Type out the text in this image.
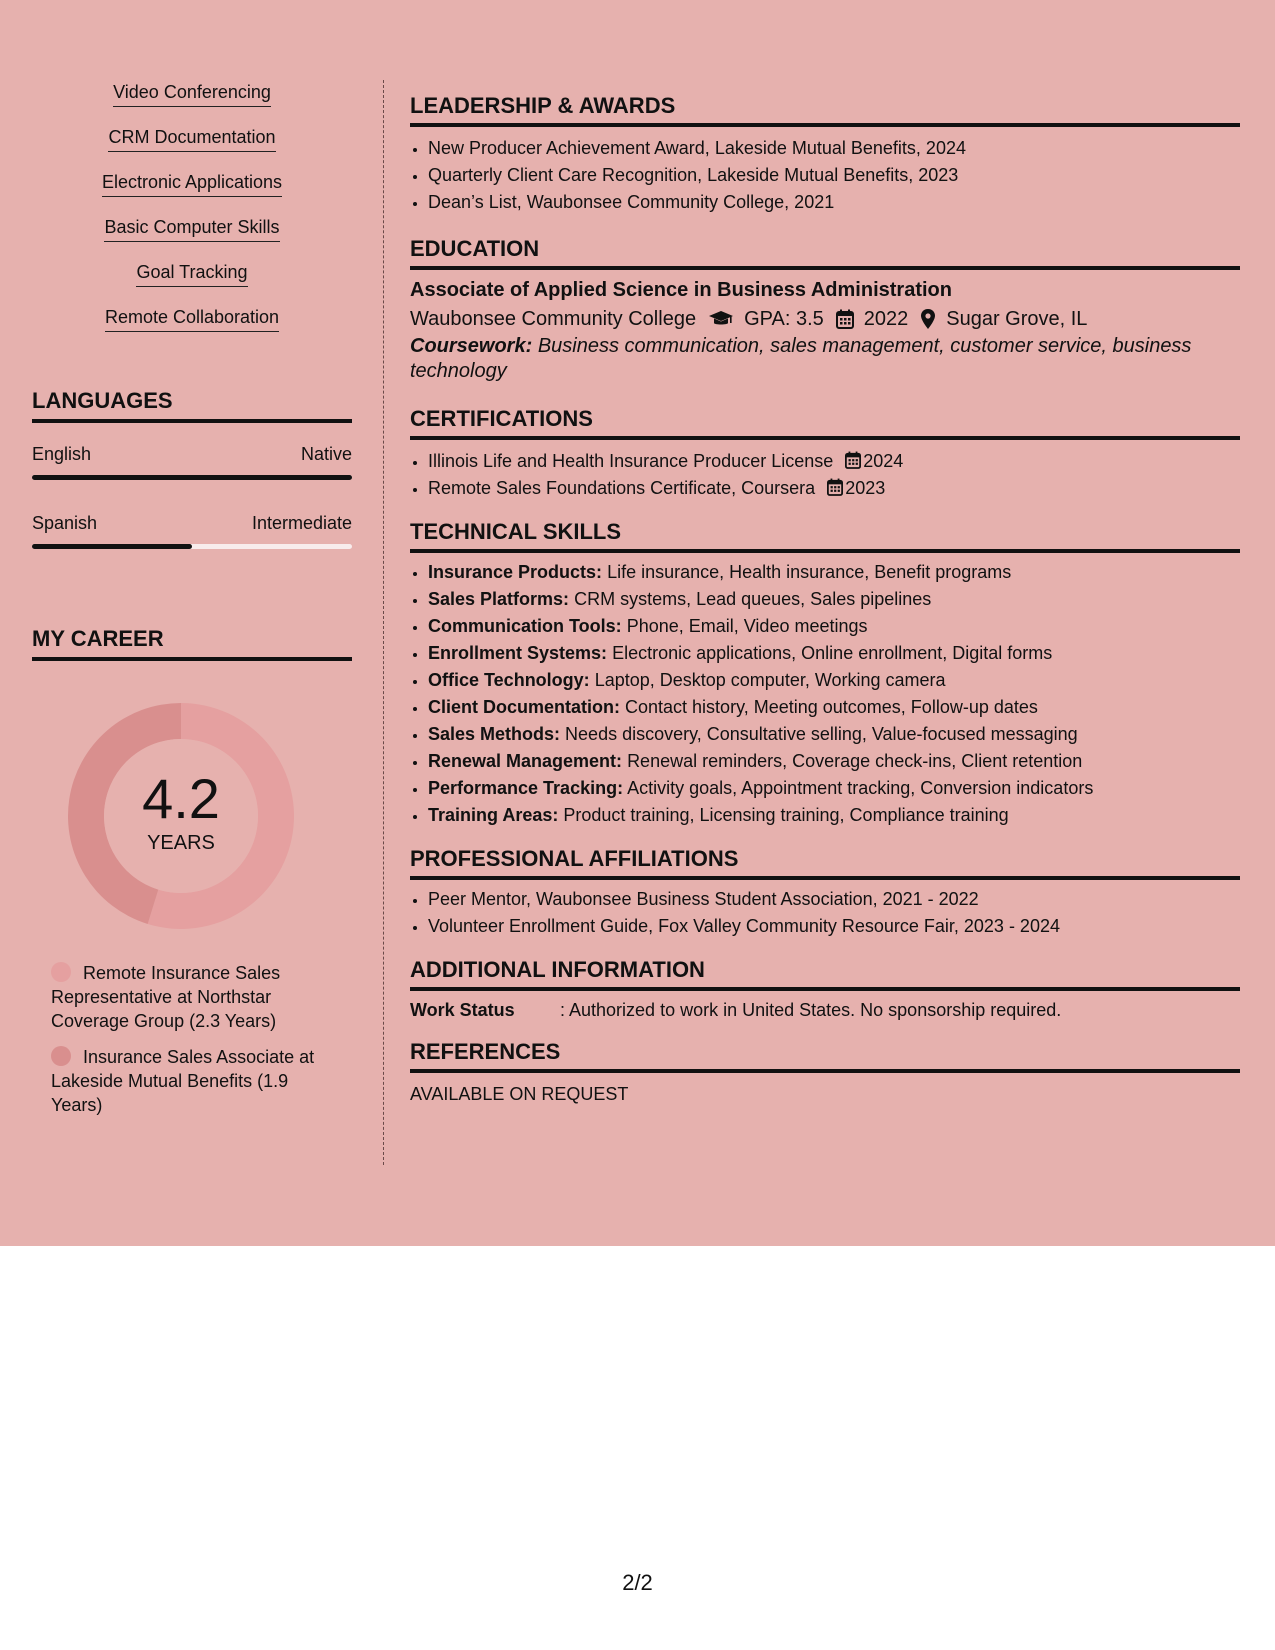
Video Conferencing
CRM Documentation
Electronic Applications
Basic Computer Skills
Goal Tracking
Remote Collaboration
LANGUAGES
English	Native
Spanish	Intermediate
MY CAREER
4.2
YEARS
Remote Insurance Sales Representative at Northstar Coverage Group (2.3 Years)
Insurance Sales Associate at Lakeside Mutual Benefits (1.9 Years)
LEADERSHIP & AWARDS
• New Producer Achievement Award, Lakeside Mutual Benefits, 2024
• Quarterly Client Care Recognition, Lakeside Mutual Benefits, 2023
• Dean’s List, Waubonsee Community College, 2021
EDUCATION
Associate of Applied Science in Business Administration
Waubonsee Community College GPA: 3.5 2022 Sugar Grove, IL
Coursework: Business communication, sales management, customer service, business technology
CERTIFICATIONS
• Illinois Life and Health Insurance Producer License 2024
• Remote Sales Foundations Certificate, Coursera 2023
TECHNICAL SKILLS
• Insurance Products: Life insurance, Health insurance, Benefit programs
• Sales Platforms: CRM systems, Lead queues, Sales pipelines
• Communication Tools: Phone, Email, Video meetings
• Enrollment Systems: Electronic applications, Online enrollment, Digital forms
• Office Technology: Laptop, Desktop computer, Working camera
• Client Documentation: Contact history, Meeting outcomes, Follow-up dates
• Sales Methods: Needs discovery, Consultative selling, Value-focused messaging
• Renewal Management: Renewal reminders, Coverage check-ins, Client retention
• Performance Tracking: Activity goals, Appointment tracking, Conversion indicators
• Training Areas: Product training, Licensing training, Compliance training
PROFESSIONAL AFFILIATIONS
• Peer Mentor, Waubonsee Business Student Association, 2021 - 2022
• Volunteer Enrollment Guide, Fox Valley Community Resource Fair, 2023 - 2024
ADDITIONAL INFORMATION
Work Status	: Authorized to work in United States. No sponsorship required.
REFERENCES
AVAILABLE ON REQUEST
2/2
